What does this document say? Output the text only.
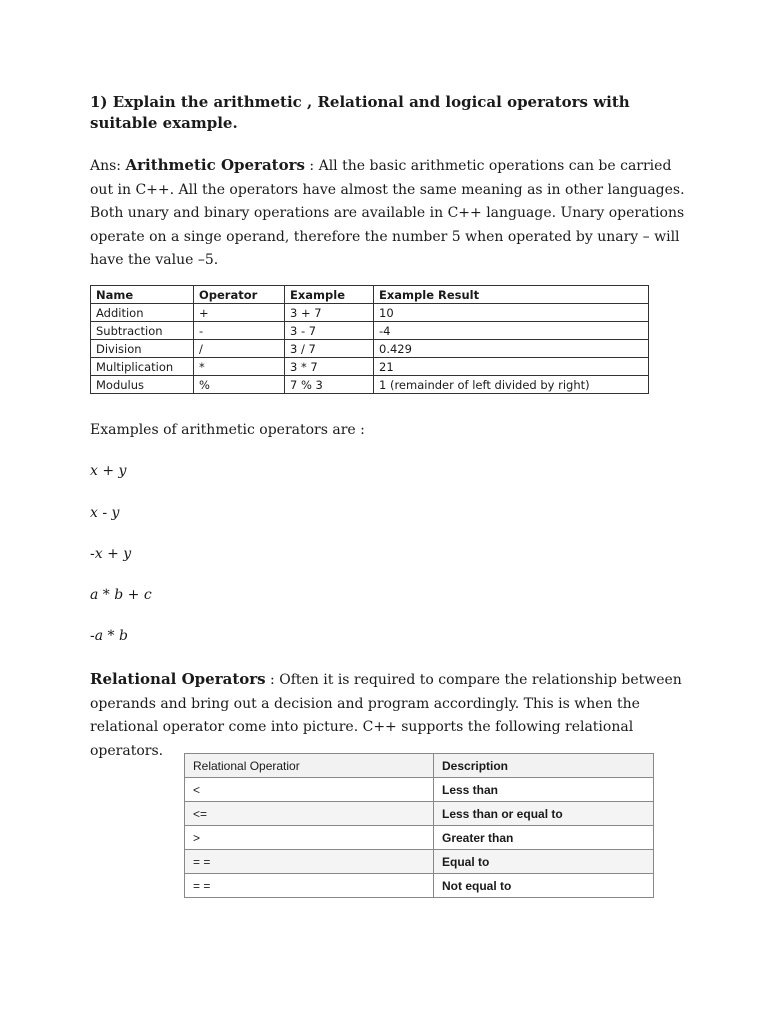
1) Explain the arithmetic , Relational and logical operators with suitable example.
Ans: Arithmetic Operators : All the basic arithmetic operations can be carried out in C++. All the operators have almost the same meaning as in other languages. Both unary and binary operations are available in C++ language. Unary operations operate on a singe operand, therefore the number 5 when operated by unary – will have the value –5.
Name	Operator	Example	Example Result
Addition	+	3 + 7	10
Subtraction	-	3 - 7	-4
Division	/	3 / 7	0.429
Multiplication	*	3 * 7	21
Modulus	%	7 % 3	1 (remainder of left divided by right)
Examples of arithmetic operators are :
x + y
x - y
-x + y
a * b + c
-a * b
Relational Operators : Often it is required to compare the relationship between operands and bring out a decision and program accordingly. This is when the relational operator come into picture. C++ supports the following relational operators.
Relational Operatior	Description
<	Less than
<=	Less than or equal to
>	Greater than
= =	Equal to
= =	Not equal to
